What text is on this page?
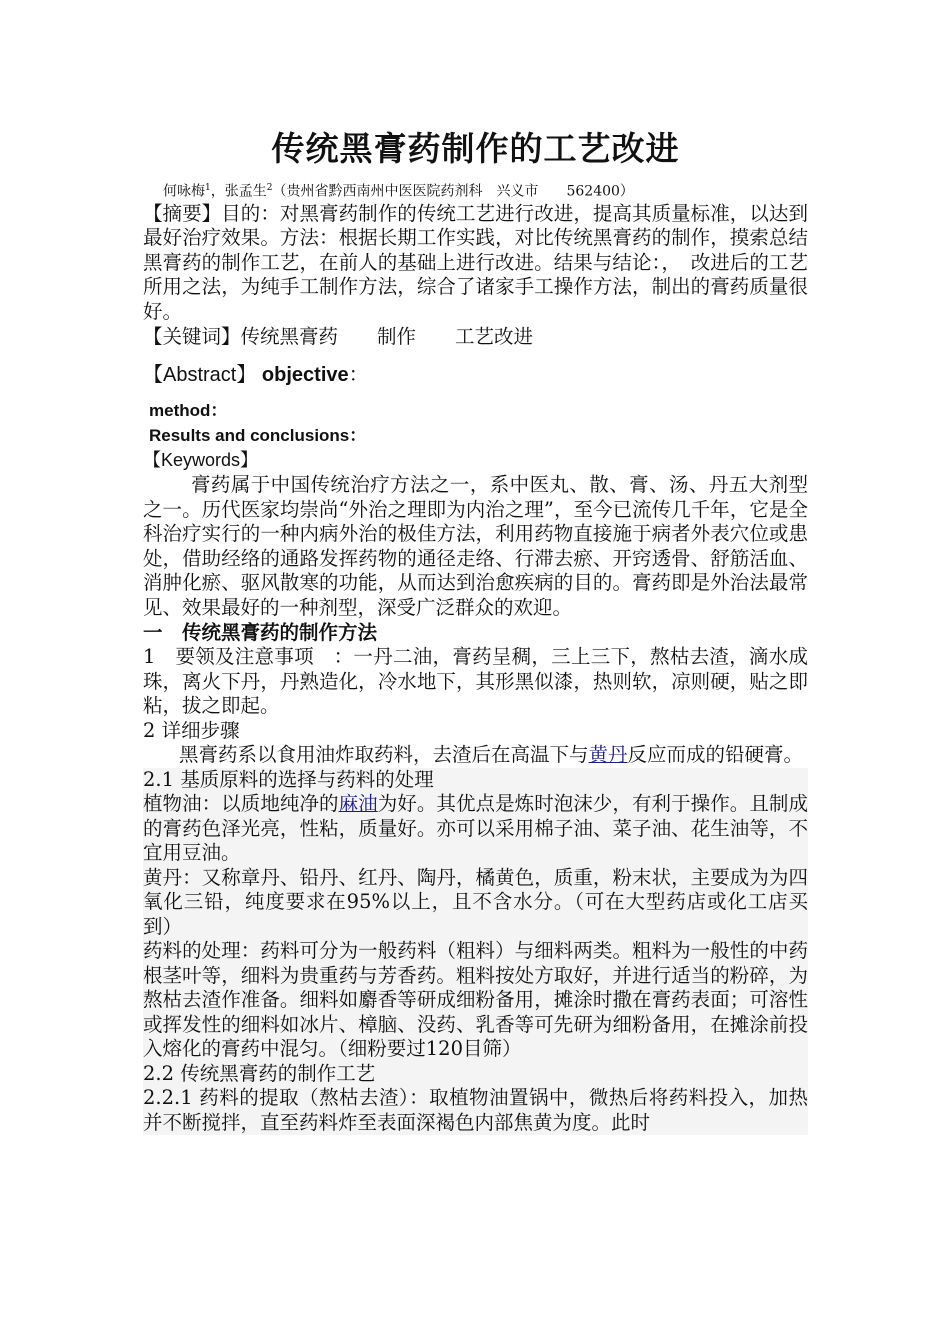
传统黑膏药制作的工艺改进

何咏梅$^1$，张孟生$^2$（贵州省黔西南州中医医院药剂科　兴义市　　562400）

【摘要】目的：对黑膏药制作的传统工艺进行改进，提高其质量标准，以达到最好治疗效果。方法：根据长期工作实践，对比传统黑膏药的制作，摸索总结黑膏药的制作工艺，在前人的基础上进行改进。结果与结论：，　改进后的工艺所用之法，为纯手工制作方法，综合了诸家手工操作方法，制出的膏药质量很好。

【关键词】传统黑膏药　　制作　　工艺改进

【Abstract】 objective：

method：

Results and conclusions：

【Keywords】

膏药属于中国传统治疗方法之一，系中医丸、散、膏、汤、丹五大剂型之一。历代医家均崇尚“外治之理即为内治之理”，至今已流传几千年，它是全科治疗实行的一种内病外治的极佳方法，利用药物直接施于病者外表穴位或患处，借助经络的通路发挥药物的通径走络、行滞去瘀、开窍透骨、舒筋活血、消肿化瘀、驱风散寒的功能，从而达到治愈疾病的目的。膏药即是外治法最常见、效果最好的一种剂型，深受广泛群众的欢迎。

一　传统黑膏药的制作方法

1　要领及注意事项　：一丹二油，膏药呈稠，三上三下，熬枯去渣，滴水成珠，离火下丹，丹熟造化，冷水地下，其形黑似漆，热则软，凉则硬，贴之即粘，拔之即起。

2 详细步骤

黑膏药系以食用油炸取药料，去渣后在高温下与黄丹反应而成的铅硬膏。

2.1 基质原料的选择与药料的处理

植物油：以质地纯净的麻油为好。其优点是炼时泡沫少，有利于操作。且制成的膏药色泽光亮，性粘，质量好。亦可以采用棉子油、菜子油、花生油等，不宜用豆油。

黄丹：又称章丹、铅丹、红丹、陶丹，橘黄色，质重，粉末状，主要成为为四氧化三铅，纯度要求在95%以上，且不含水分。（可在大型药店或化工店买到）

药料的处理：药料可分为一般药料（粗料）与细料两类。粗料为一般性的中药根茎叶等，细料为贵重药与芳香药。粗料按处方取好，并进行适当的粉碎，为熬枯去渣作准备。细料如麝香等研成细粉备用，摊涂时撒在膏药表面；可溶性或挥发性的细料如冰片、樟脑、没药、乳香等可先研为细粉备用，在摊涂前投入熔化的膏药中混匀。（细粉要过120目筛）

2.2 传统黑膏药的制作工艺

2.2.1 药料的提取（熬枯去渣）：取植物油置锅中，微热后将药料投入，加热并不断搅拌，直至药料炸至表面深褐色内部焦黄为度。此时
